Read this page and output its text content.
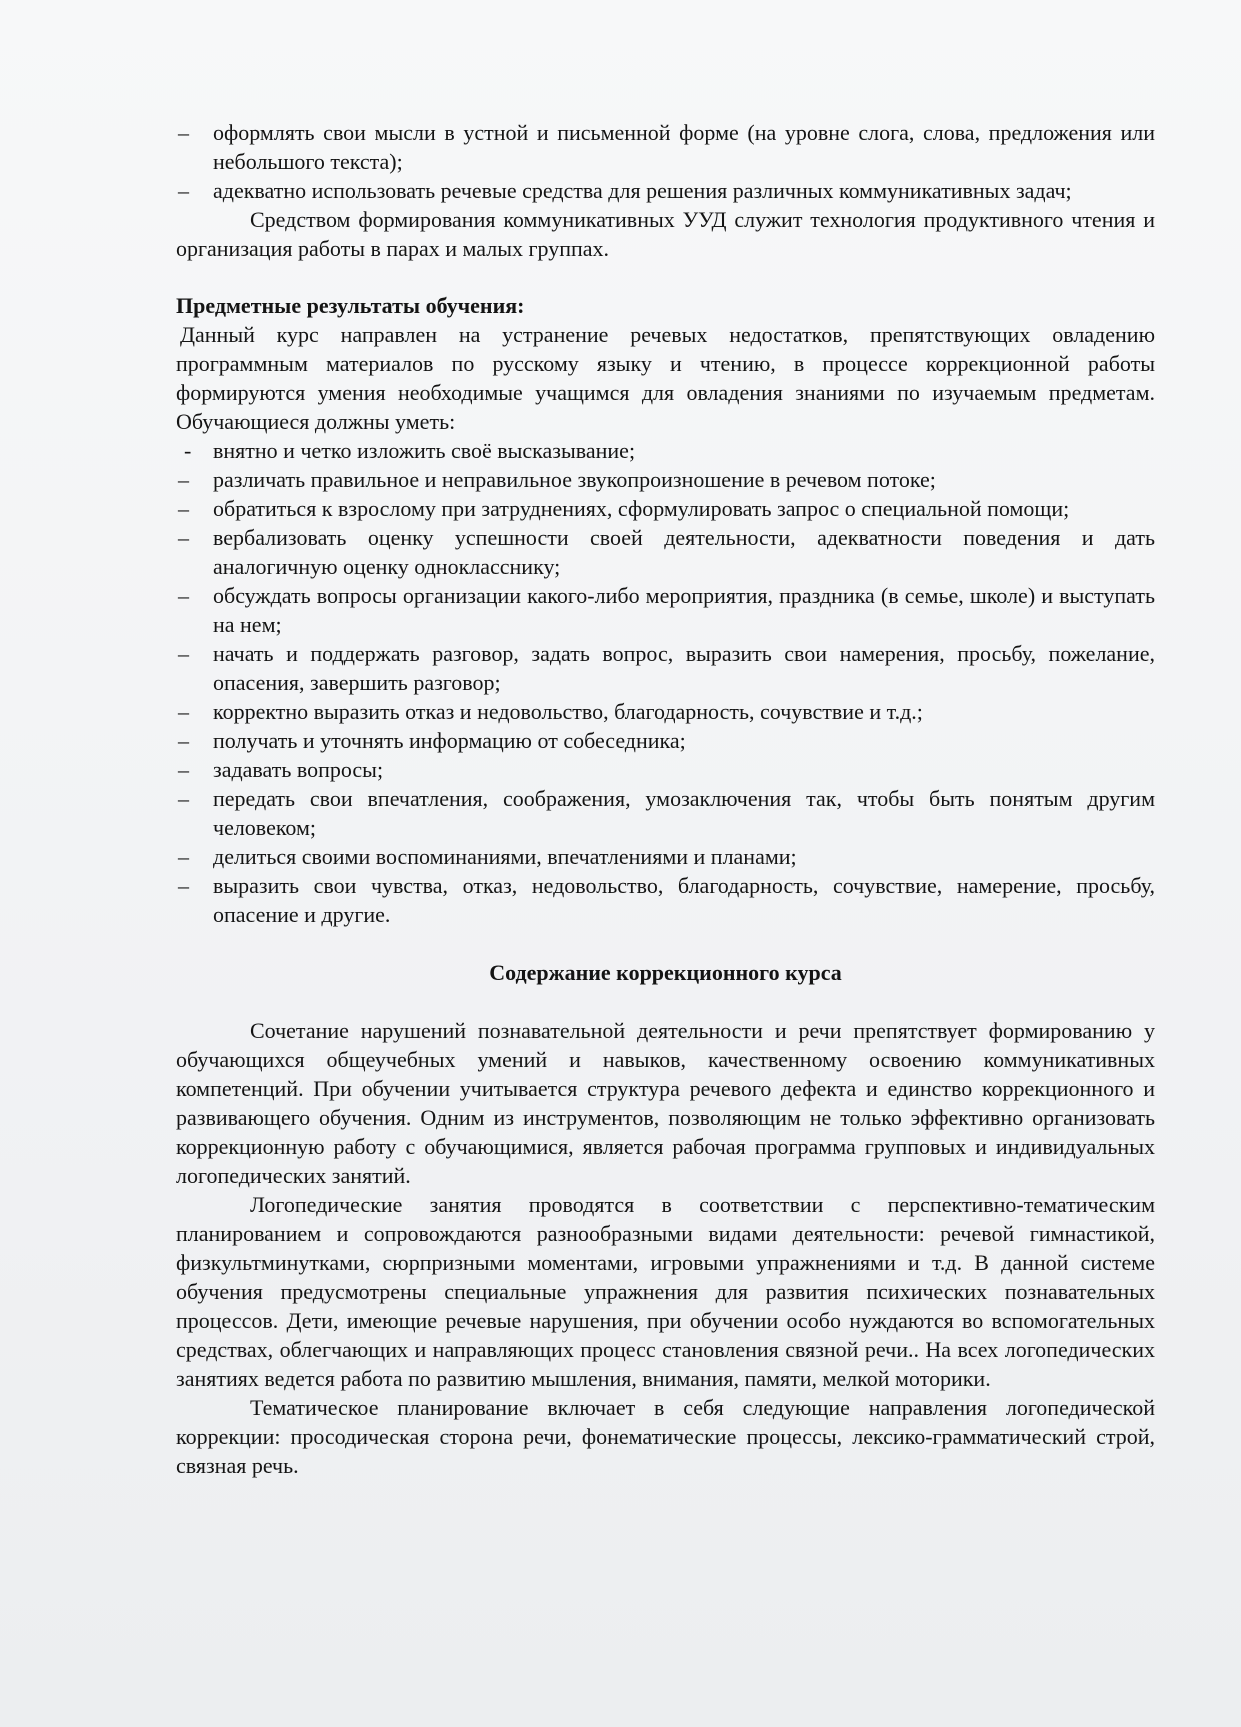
– оформлять свои мысли в устной и письменной форме (на уровне слога, слова, предложения или небольшого текста);
– адекватно использовать речевые средства для решения различных коммуникативных задач;

Средством формирования коммуникативных УУД служит технология продуктивного чтения и организация работы в парах и малых группах.

Предметные результаты обучения:

Данный курс направлен на устранение речевых недостатков, препятствующих овладению программным материалов по русскому языку и чтению, в процессе коррекционной работы формируются умения необходимые учащимся для овладения знаниями по изучаемым предметам. Обучающиеся должны уметь:

- внятно и четко изложить своё высказывание;
– различать правильное и неправильное звукопроизношение в речевом потоке;
– обратиться к взрослому при затруднениях, сформулировать запрос о специальной помощи;
– вербализовать оценку успешности своей деятельности, адекватности поведения и дать аналогичную оценку однокласснику;
– обсуждать вопросы организации какого-либо мероприятия, праздника (в семье, школе) и выступать на нем;
– начать и поддержать разговор, задать вопрос, выразить свои намерения, просьбу, пожелание, опасения, завершить разговор;
– корректно выразить отказ и недовольство, благодарность, сочувствие и т.д.;
– получать и уточнять информацию от собеседника;
– задавать вопросы;
– передать свои впечатления, соображения, умозаключения так, чтобы быть понятым другим человеком;
– делиться своими воспоминаниями, впечатлениями и планами;
– выразить свои чувства, отказ, недовольство, благодарность, сочувствие, намерение, просьбу, опасение и другие.

Содержание коррекционного курса

Сочетание нарушений познавательной деятельности и речи препятствует формированию у обучающихся общеучебных умений и навыков, качественному освоению коммуникативных компетенций. При обучении учитывается структура речевого дефекта и единство коррекционного и развивающего обучения. Одним из инструментов, позволяющим не только эффективно организовать коррекционную работу с обучающимися, является рабочая программа групповых и индивидуальных логопедических занятий.

Логопедические занятия проводятся в соответствии с перспективно-тематическим планированием и сопровождаются разнообразными видами деятельности: речевой гимнастикой, физкультминутками, сюрпризными моментами, игровыми упражнениями и т.д. В данной системе обучения предусмотрены специальные упражнения для развития психических познавательных процессов. Дети, имеющие речевые нарушения, при обучении особо нуждаются во вспомогательных средствах, облегчающих и направляющих процесс становления связной речи.. На всех логопедических занятиях ведется работа по развитию мышления, внимания, памяти, мелкой моторики.

Тематическое планирование включает в себя следующие направления логопедической коррекции: просодическая сторона речи, фонематические процессы, лексико-грамматический строй, связная речь.
